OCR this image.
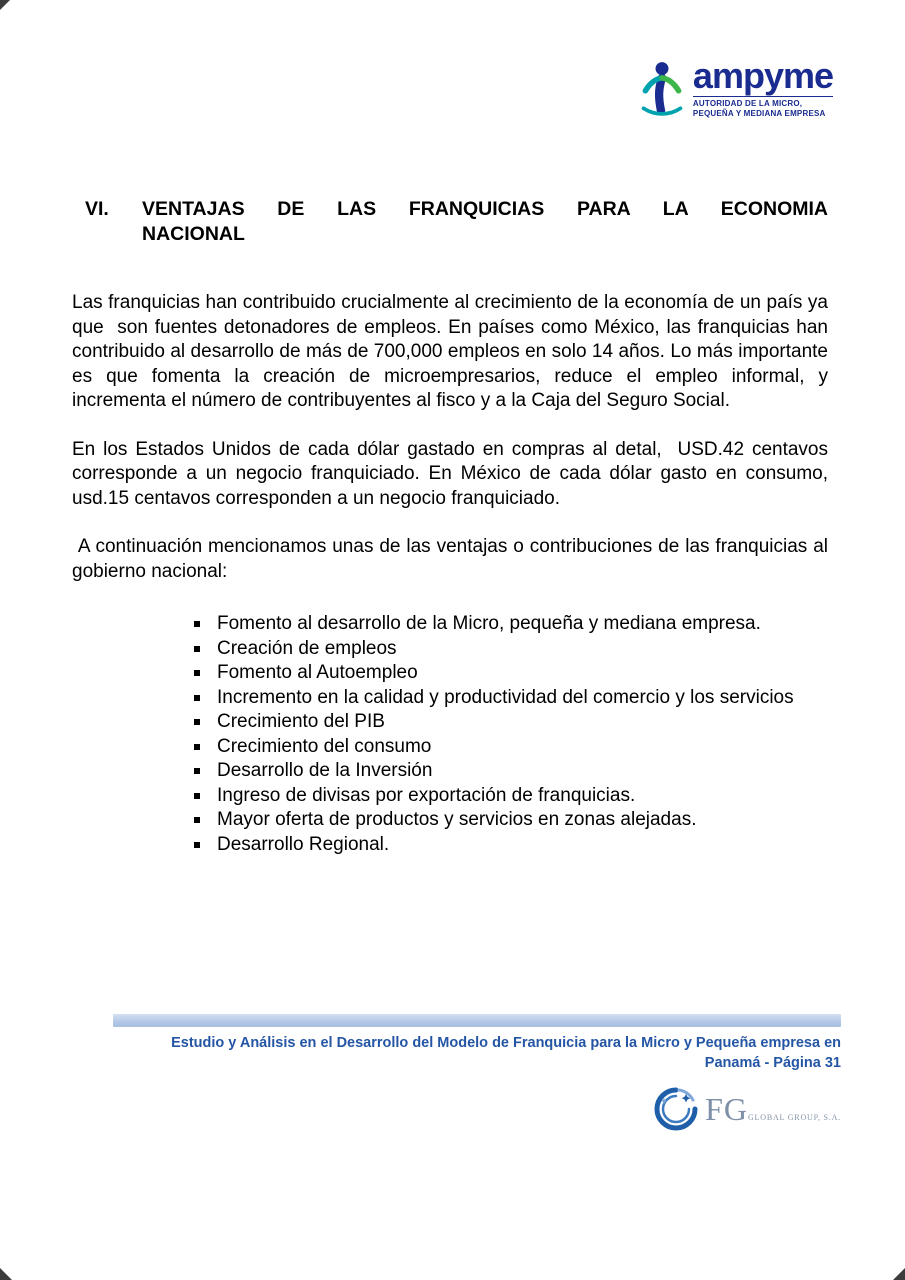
ampyme
AUTORIDAD DE LA MICRO,
PEQUEÑA Y MEDIANA EMPRESA
VI. VENTAJAS DE LAS FRANQUICIAS PARA LA ECONOMIA
NACIONAL

Las franquicias han contribuido crucialmente al crecimiento de la economía de un país ya que  son fuentes detonadores de empleos. En países como México, las franquicias han contribuido al desarrollo de más de 700,000 empleos en solo 14 años. Lo más importante es que fomenta la creación de microempresarios, reduce el empleo informal, y incrementa el número de contribuyentes al fisco y a la Caja del Seguro Social.

En los Estados Unidos de cada dólar gastado en compras al detal,  USD.42 centavos corresponde a un negocio franquiciado. En México de cada dólar gasto en consumo, usd.15 centavos corresponden a un negocio franquiciado.

A continuación mencionamos unas de las ventajas o contribuciones de las franquicias al gobierno nacional:

Fomento al desarrollo de la Micro, pequeña y mediana empresa.
Creación de empleos
Fomento al Autoempleo
Incremento en la calidad y productividad del comercio y los servicios
Crecimiento del PIB
Crecimiento del consumo
Desarrollo de la Inversión
Ingreso de divisas por exportación de franquicias.
Mayor oferta de productos y servicios en zonas alejadas.
Desarrollo Regional.
Estudio y Análisis en el Desarrollo del Modelo de Franquicia para la Micro y Pequeña empresa en Panamá - Página 31
FG GLOBAL GROUP, S.A.
